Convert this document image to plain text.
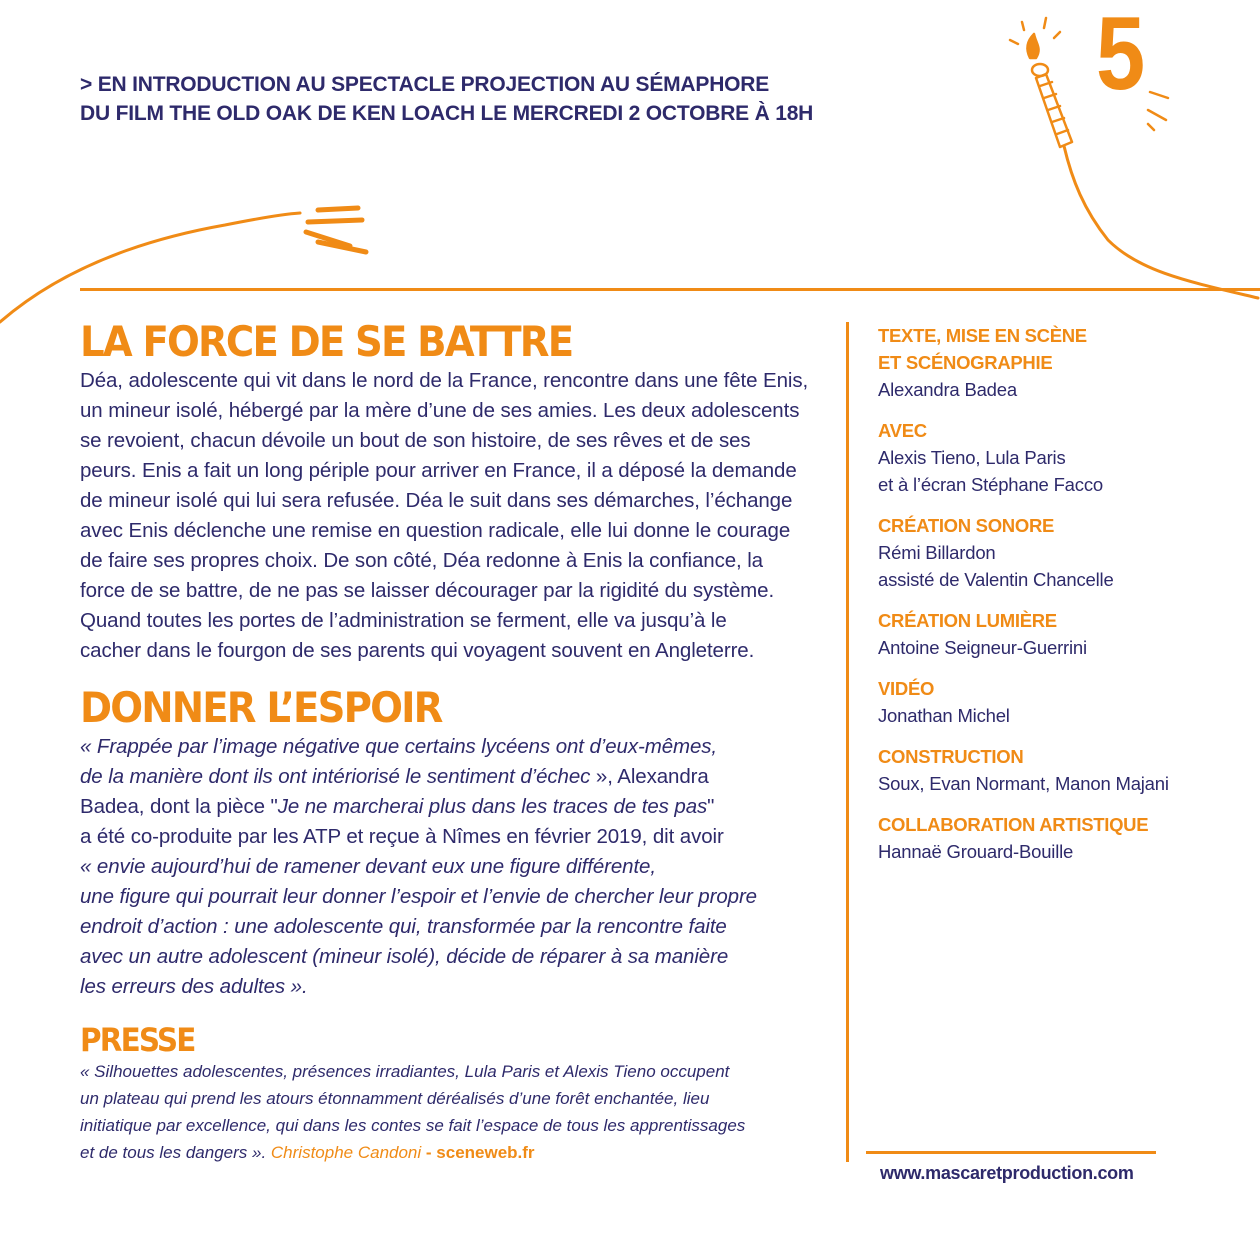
> EN INTRODUCTION AU SPECTACLE PROJECTION AU SÉMAPHORE
DU FILM THE OLD OAK DE KEN LOACH LE MERCREDI 2 OCTOBRE À 18H
5
LA FORCE DE SE BATTRE
Déa, adolescente qui vit dans le nord de la France, rencontre dans une fête Enis,
un mineur isolé, hébergé par la mère d’une de ses amies. Les deux adolescents
se revoient, chacun dévoile un bout de son histoire, de ses rêves et de ses
peurs. Enis a fait un long périple pour arriver en France, il a déposé la demande
de mineur isolé qui lui sera refusée. Déa le suit dans ses démarches, l’échange
avec Enis déclenche une remise en question radicale, elle lui donne le courage
de faire ses propres choix. De son côté, Déa redonne à Enis la confiance, la
force de se battre, de ne pas se laisser décourager par la rigidité du système.
Quand toutes les portes de l’administration se ferment, elle va jusqu’à le
cacher dans le fourgon de ses parents qui voyagent souvent en Angleterre.
DONNER L’ESPOIR
« Frappée par l’image négative que certains lycéens ont d’eux-mêmes,
de la manière dont ils ont intériorisé le sentiment d’échec », Alexandra
Badea, dont la pièce "Je ne marcherai plus dans les traces de tes pas"
a été co-produite par les ATP et reçue à Nîmes en février 2019, dit avoir
« envie aujourd’hui de ramener devant eux une figure différente,
une figure qui pourrait leur donner l’espoir et l’envie de chercher leur propre
endroit d’action : une adolescente qui, transformée par la rencontre faite
avec un autre adolescent (mineur isolé), décide de réparer à sa manière
les erreurs des adultes ».
PRESSE
« Silhouettes adolescentes, présences irradiantes, Lula Paris et Alexis Tieno occupent
un plateau qui prend les atours étonnamment déréalisés d’une forêt enchantée, lieu
initiatique par excellence, qui dans les contes se fait l’espace de tous les apprentissages
et de tous les dangers ». Christophe Candoni - sceneweb.fr
TEXTE, MISE EN SCÈNE
ET SCÉNOGRAPHIE
Alexandra Badea
AVEC
Alexis Tieno, Lula Paris
et à l’écran Stéphane Facco
CRÉATION SONORE
Rémi Billardon
assisté de Valentin Chancelle
CRÉATION LUMIÈRE
Antoine Seigneur-Guerrini
VIDÉO
Jonathan Michel
CONSTRUCTION
Soux, Evan Normant, Manon Majani
COLLABORATION ARTISTIQUE
Hannaë Grouard-Bouille
www.mascaretproduction.com
